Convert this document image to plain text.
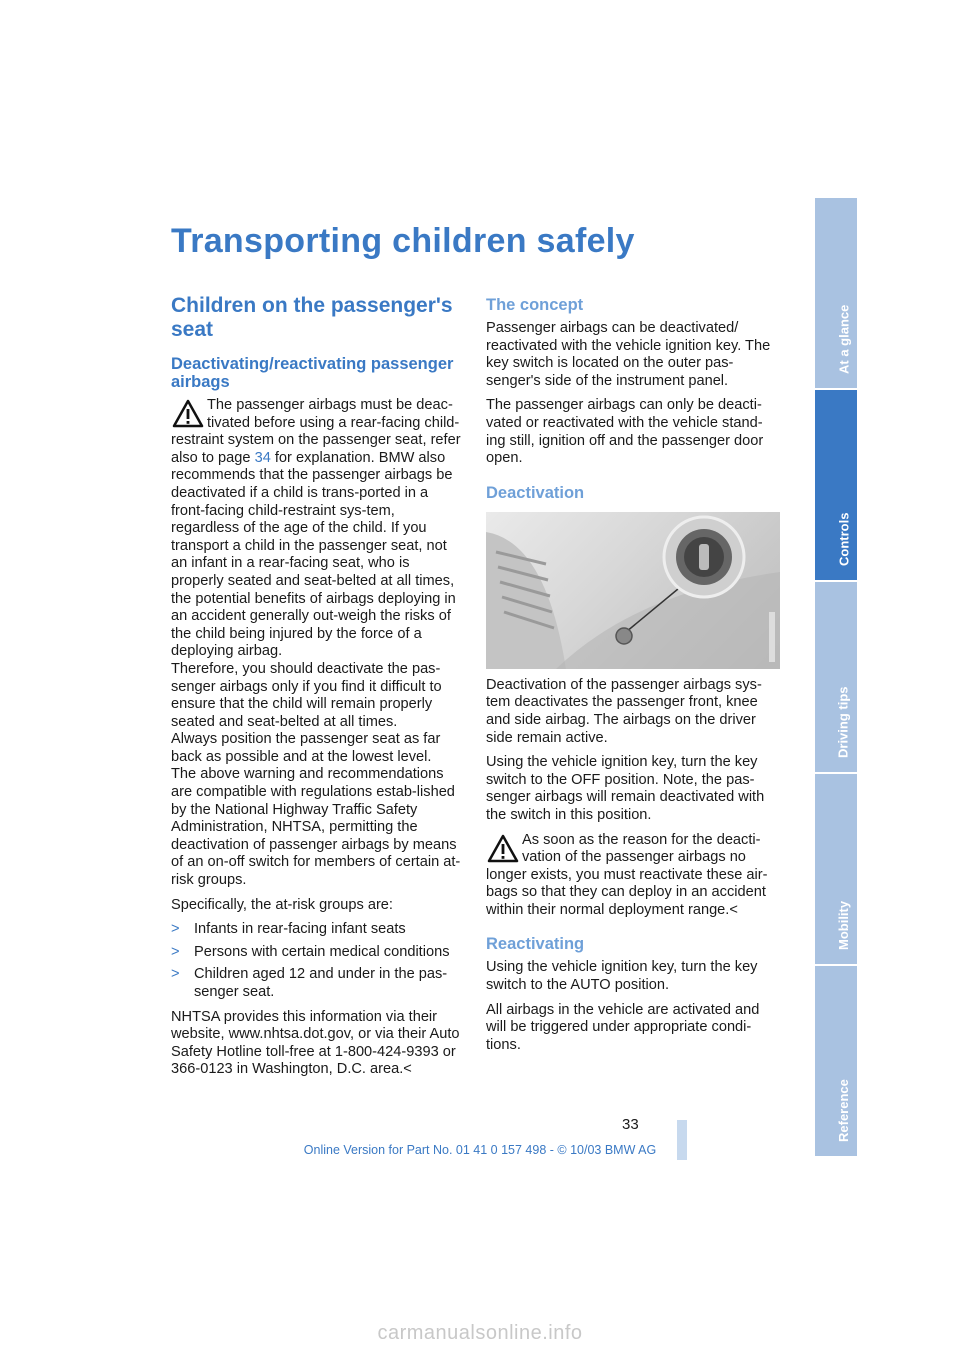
Transporting children safely
Children on the passenger's seat
Deactivating/reactivating passenger airbags
The passenger airbags must be deac-
tivated before using a rear-facing child-restraint system on the passenger seat, refer also to page 34 for explanation. BMW also recommends that the passenger airbags be deactivated if a child is trans-ported in a front-facing child-restraint sys-tem, regardless of the age of the child. If you transport a child in the passenger seat, not an infant in a rear-facing seat, who is properly seated and seat-belted at all times, the potential benefits of airbags deploying in an accident generally out-weigh the risks of the child being injured by the force of a deploying airbag.

Therefore, you should deactivate the pas-senger airbags only if you find it difficult to ensure that the child will remain properly seated and seat-belted at all times.

Always position the passenger seat as far back as possible and at the lowest level.

The above warning and recommendations are compatible with regulations estab-lished by the National Highway Traffic Safety Administration, NHTSA, permitting the deactivation of passenger airbags by means of an on-off switch for members of certain at-risk groups.

Specifically, the at-risk groups are:

> Infants in rear-facing infant seats
> Persons with certain medical conditions
> Children aged 12 and under in the pas-senger seat.

NHTSA provides this information via their website, www.nhtsa.dot.gov, or via their Auto Safety Hotline toll-free at 1-800-424-9393 or 366-0123 in Washington, D.C. area.<

The concept

Passenger airbags can be deactivated/ reactivated with the vehicle ignition key. The key switch is located on the outer pas-senger's side of the instrument panel.

The passenger airbags can only be deacti-vated or reactivated with the vehicle stand-ing still, ignition off and the passenger door open.

Deactivation

Deactivation of the passenger airbags sys-tem deactivates the passenger front, knee and side airbag. The airbags on the driver side remain active.

Using the vehicle ignition key, turn the key switch to the OFF position. Note, the pas-senger airbags will remain deactivated with the switch in this position.

As soon as the reason for the deacti-
vation of the passenger airbags no longer exists, you must reactivate these air-bags so that they can deploy in an accident within their normal deployment range.<
Reactivating

Using the vehicle ignition key, turn the key switch to the AUTO position.

All airbags in the vehicle are activated and will be triggered under appropriate condi-tions.

At a glance
Controls
Driving tips
Mobility
Reference
33
Online Version for Part No. 01 41 0 157 498 - © 10/03 BMW AG
carmanualsonline.info
